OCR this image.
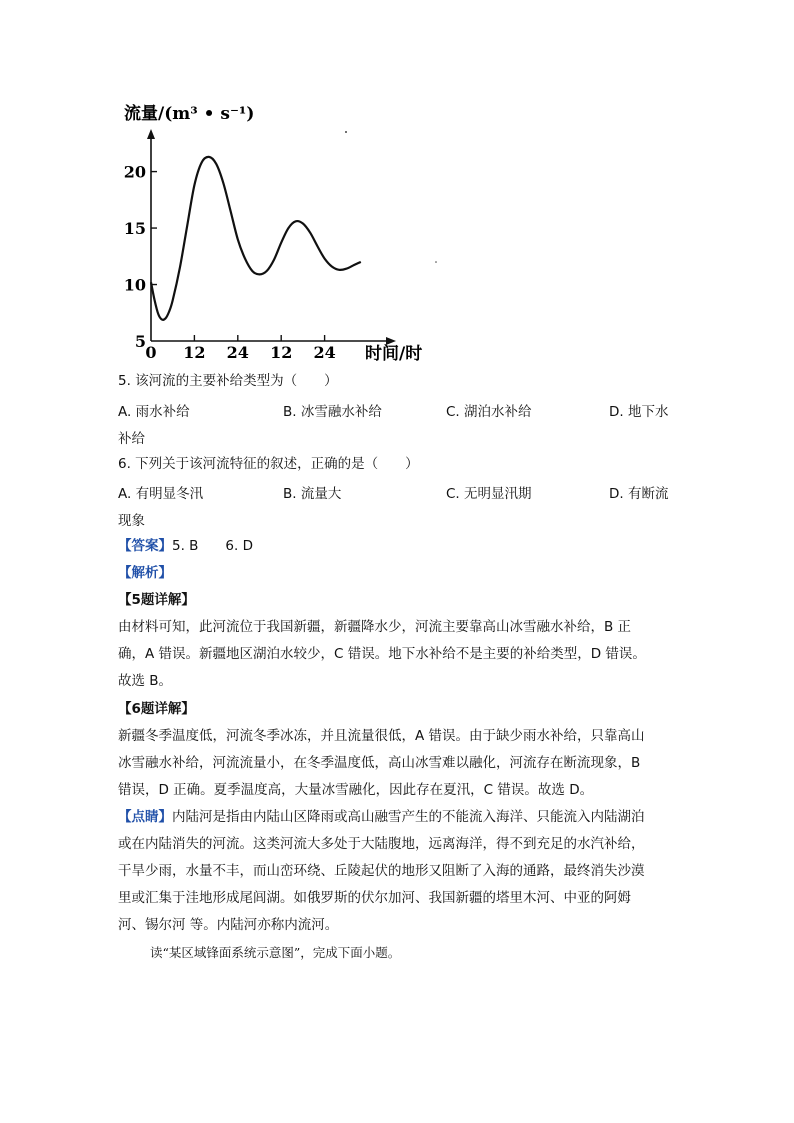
流量/(m³ • s⁻¹)
5
10
15
20
0 12 24 12 24 时间/时
5. 该河流的主要补给类型为（　　）
A. 雨水补给	B. 冰雪融水补给	C. 湖泊水补给	D. 地下水
补给
6. 下列关于该河流特征的叙述，正确的是（　　）
A. 有明显冬汛	B. 流量大	C. 无明显汛期	D. 有断流
现象
【答案】5. B　　6. D
【解析】
【5题详解】
由材料可知，此河流位于我国新疆，新疆降水少，河流主要靠高山冰雪融水补给，B 正
确，A 错误。新疆地区湖泊水较少，C 错误。地下水补给不是主要的补给类型，D 错误。
故选 B。
【6题详解】
新疆冬季温度低，河流冬季冰冻，并且流量很低，A 错误。由于缺少雨水补给，只靠高山
冰雪融水补给，河流流量小，在冬季温度低，高山冰雪难以融化，河流存在断流现象，B
错误，D 正确。夏季温度高，大量冰雪融化，因此存在夏汛，C 错误。故选 D。
【点睛】内陆河是指由内陆山区降雨或高山融雪产生的不能流入海洋、只能流入内陆湖泊
或在内陆消失的河流。这类河流大多处于大陆腹地，远离海洋，得不到充足的水汽补给，
干旱少雨，水量不丰，而山峦环绕、丘陵起伏的地形又阻断了入海的通路，最终消失沙漠
里或汇集于洼地形成尾闾湖。如俄罗斯的伏尔加河、我国新疆的塔里木河、中亚的阿姆
河、锡尔河 等。内陆河亦称内流河。
读“某区域锋面系统示意图”，完成下面小题。
